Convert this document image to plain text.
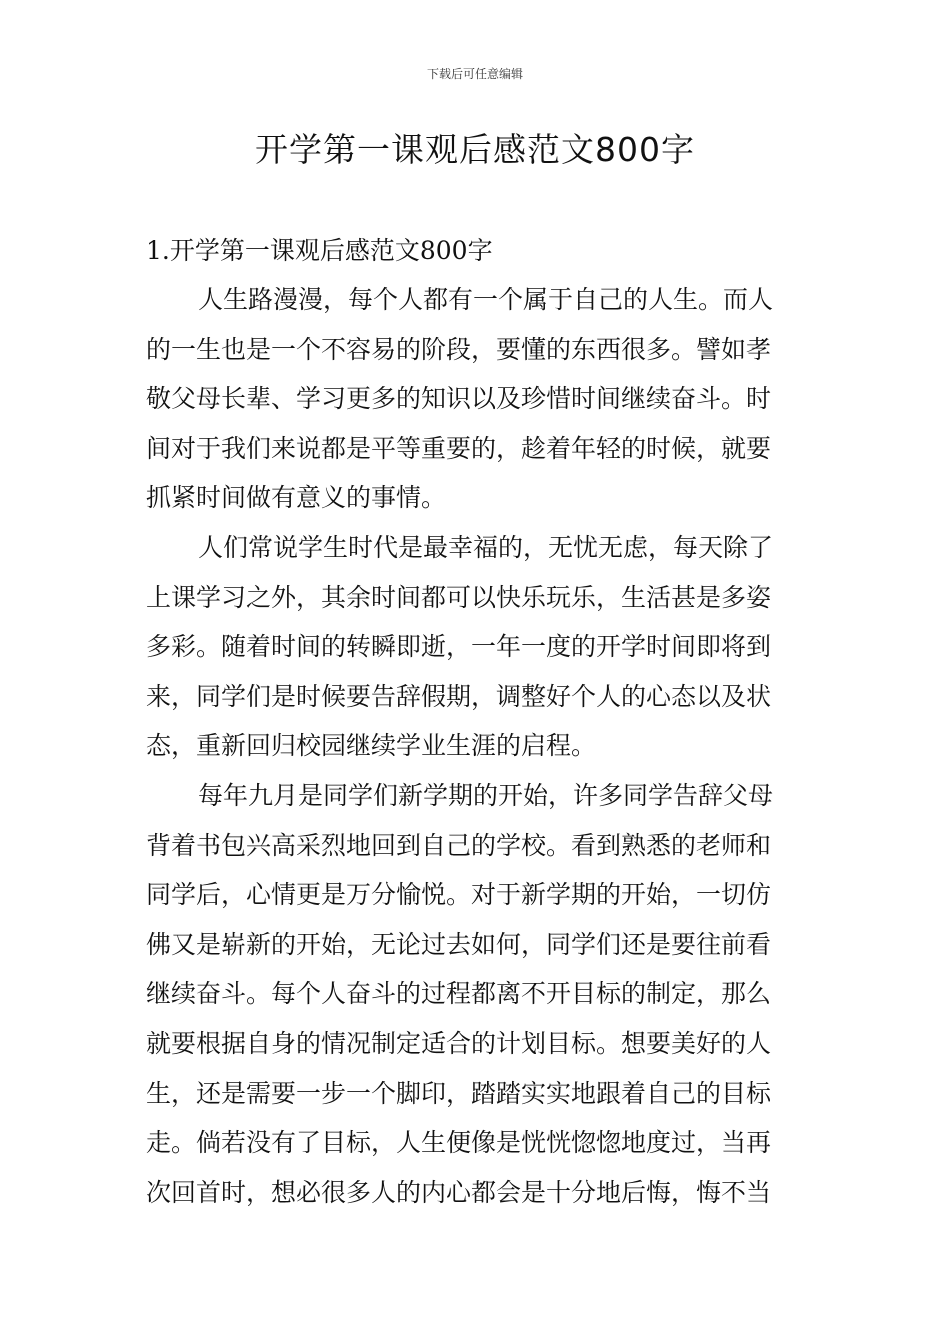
下载后可任意编辑
开学第一课观后感范文800字

1.开学第一课观后感范文800字

人生路漫漫，每个人都有一个属于自己的人生。而人
的一生也是一个不容易的阶段，要懂的东西很多。譬如孝
敬父母长辈、学习更多的知识以及珍惜时间继续奋斗。时
间对于我们来说都是平等重要的，趁着年轻的时候，就要
抓紧时间做有意义的事情。
人们常说学生时代是最幸福的，无忧无虑，每天除了
上课学习之外，其余时间都可以快乐玩乐，生活甚是多姿
多彩。随着时间的转瞬即逝，一年一度的开学时间即将到
来，同学们是时候要告辞假期，调整好个人的心态以及状
态，重新回归校园继续学业生涯的启程。
每年九月是同学们新学期的开始，许多同学告辞父母
背着书包兴高采烈地回到自己的学校。看到熟悉的老师和
同学后，心情更是万分愉悦。对于新学期的开始，一切仿
佛又是崭新的开始，无论过去如何，同学们还是要往前看
继续奋斗。每个人奋斗的过程都离不开目标的制定，那么
就要根据自身的情况制定适合的计划目标。想要美好的人
生，还是需要一步一个脚印，踏踏实实地跟着自己的目标
走。倘若没有了目标，人生便像是恍恍惚惚地度过，当再
次回首时，想必很多人的内心都会是十分地后悔，悔不当
